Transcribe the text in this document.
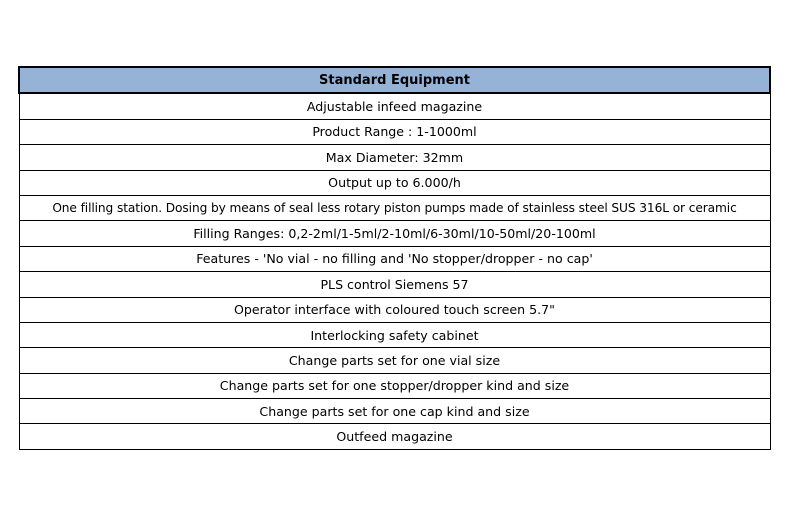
Standard Equipment
Adjustable infeed magazine
Product Range : 1-1000ml
Max Diameter: 32mm
Output up to 6.000/h
One filling station. Dosing by means of seal less rotary piston pumps made of stainless steel SUS 316L or ceramic
Filling Ranges: 0,2-2ml/1-5ml/2-10ml/6-30ml/10-50ml/20-100ml
Features - 'No vial - no filling and 'No stopper/dropper - no cap'
PLS control Siemens 57
Operator interface with coloured touch screen 5.7"
Interlocking safety cabinet
Change parts set for one vial size
Change parts set for one stopper/dropper kind and size
Change parts set for one cap kind and size
Outfeed magazine
